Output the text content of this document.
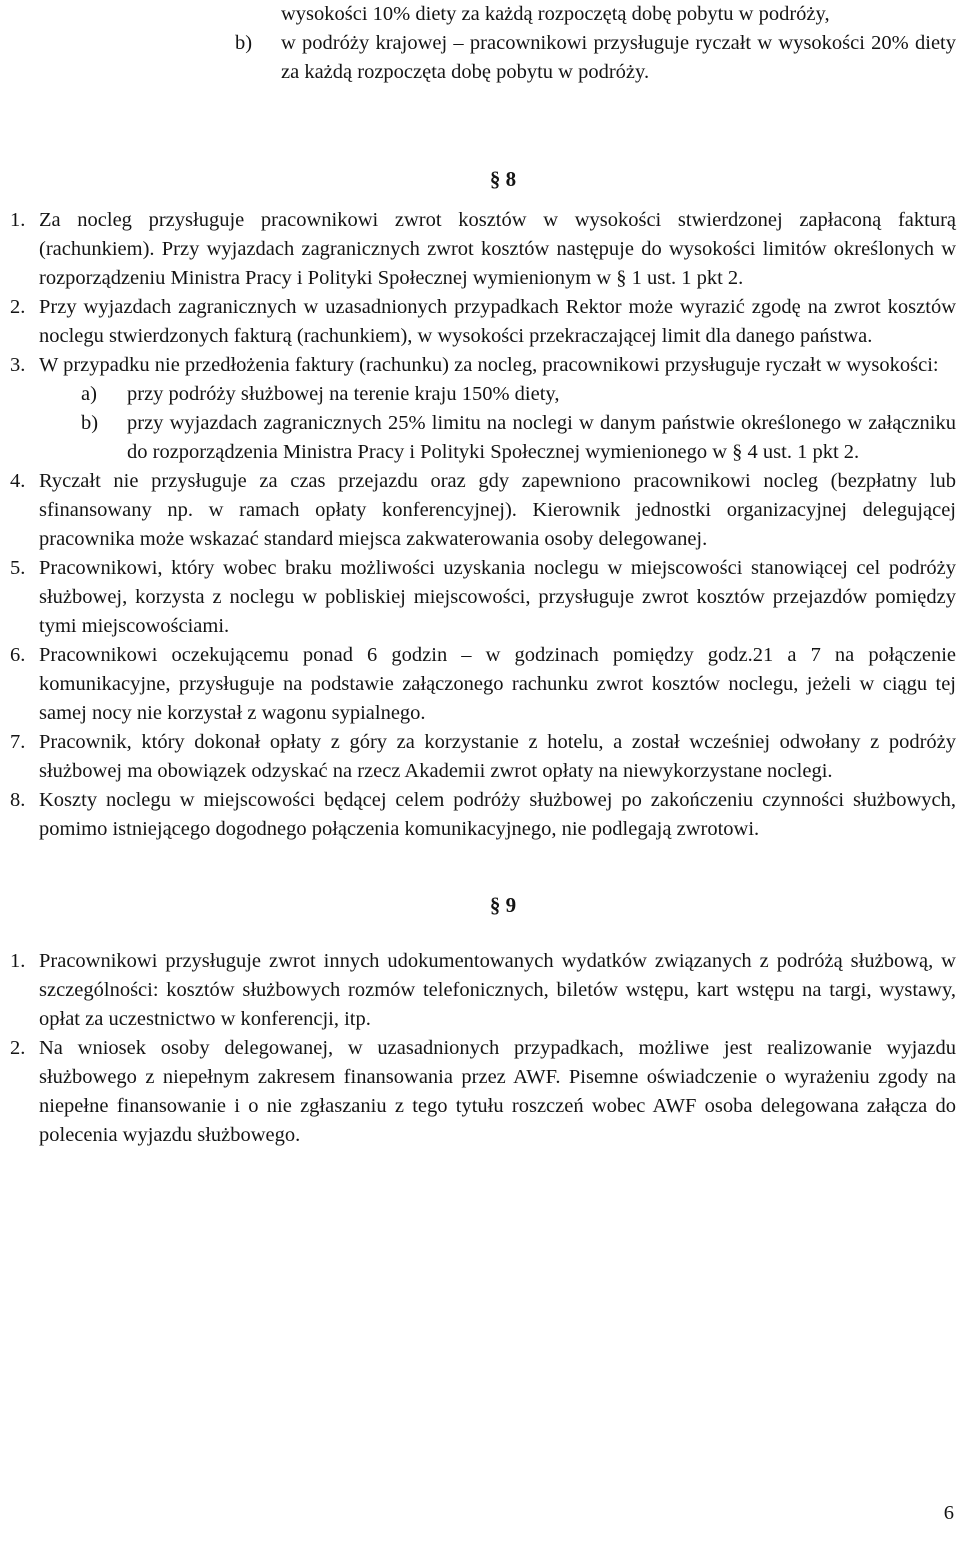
wysokości 10% diety za każdą rozpoczętą dobę pobytu w podróży,
b)	w podróży krajowej – pracownikowi przysługuje ryczałt w wysokości 20% diety za każdą rozpoczęta dobę pobytu w podróży.
§ 8
1. Za nocleg przysługuje pracownikowi zwrot kosztów w wysokości stwierdzonej zapłaconą fakturą (rachunkiem). Przy wyjazdach zagranicznych zwrot kosztów następuje do wysokości limitów określonych w rozporządzeniu Ministra Pracy i Polityki Społecznej wymienionym w § 1 ust. 1 pkt 2.
2. Przy wyjazdach zagranicznych w uzasadnionych przypadkach Rektor może wyrazić zgodę na zwrot kosztów noclegu stwierdzonych fakturą (rachunkiem), w wysokości przekraczającej limit dla danego państwa.
3. W przypadku nie przedłożenia faktury (rachunku) za nocleg, pracownikowi przysługuje ryczałt w wysokości:
a)	przy podróży służbowej na terenie kraju 150% diety,
b)	przy wyjazdach zagranicznych 25% limitu na noclegi w danym państwie określonego w załączniku do rozporządzenia Ministra Pracy i Polityki Społecznej wymienionego w § 4 ust. 1 pkt 2.
4. Ryczałt nie przysługuje za czas przejazdu oraz gdy zapewniono pracownikowi nocleg (bezpłatny lub sfinansowany np. w ramach opłaty konferencyjnej). Kierownik jednostki organizacyjnej delegującej pracownika może wskazać standard miejsca zakwaterowania osoby delegowanej.
5. Pracownikowi, który wobec braku możliwości uzyskania noclegu w miejscowości stanowiącej cel podróży służbowej, korzysta z noclegu w pobliskiej miejscowości, przysługuje zwrot kosztów przejazdów pomiędzy tymi miejscowościami.
6. Pracownikowi oczekującemu ponad 6 godzin – w godzinach pomiędzy godz.21 a 7 na połączenie komunikacyjne, przysługuje na podstawie załączonego rachunku zwrot kosztów noclegu, jeżeli w ciągu tej samej nocy nie korzystał z wagonu sypialnego.
7. Pracownik, który dokonał opłaty z góry za korzystanie z hotelu, a został wcześniej odwołany z podróży służbowej ma obowiązek odzyskać na rzecz Akademii zwrot opłaty na niewykorzystane noclegi.
8. Koszty noclegu w miejscowości będącej celem podróży służbowej po zakończeniu czynności służbowych, pomimo istniejącego dogodnego połączenia komunikacyjnego, nie podlegają zwrotowi.
§ 9
1. Pracownikowi przysługuje zwrot innych udokumentowanych wydatków związanych z podróżą służbową, w szczególności: kosztów służbowych rozmów telefonicznych, biletów wstępu, kart wstępu na targi, wystawy, opłat za uczestnictwo w konferencji, itp.
2. Na wniosek osoby delegowanej, w uzasadnionych przypadkach, możliwe jest realizowanie wyjazdu służbowego z niepełnym zakresem finansowania przez AWF. Pisemne oświadczenie o wyrażeniu zgody na niepełne finansowanie i o nie zgłaszaniu z tego tytułu roszczeń wobec AWF osoba delegowana załącza do polecenia wyjazdu służbowego.
6
